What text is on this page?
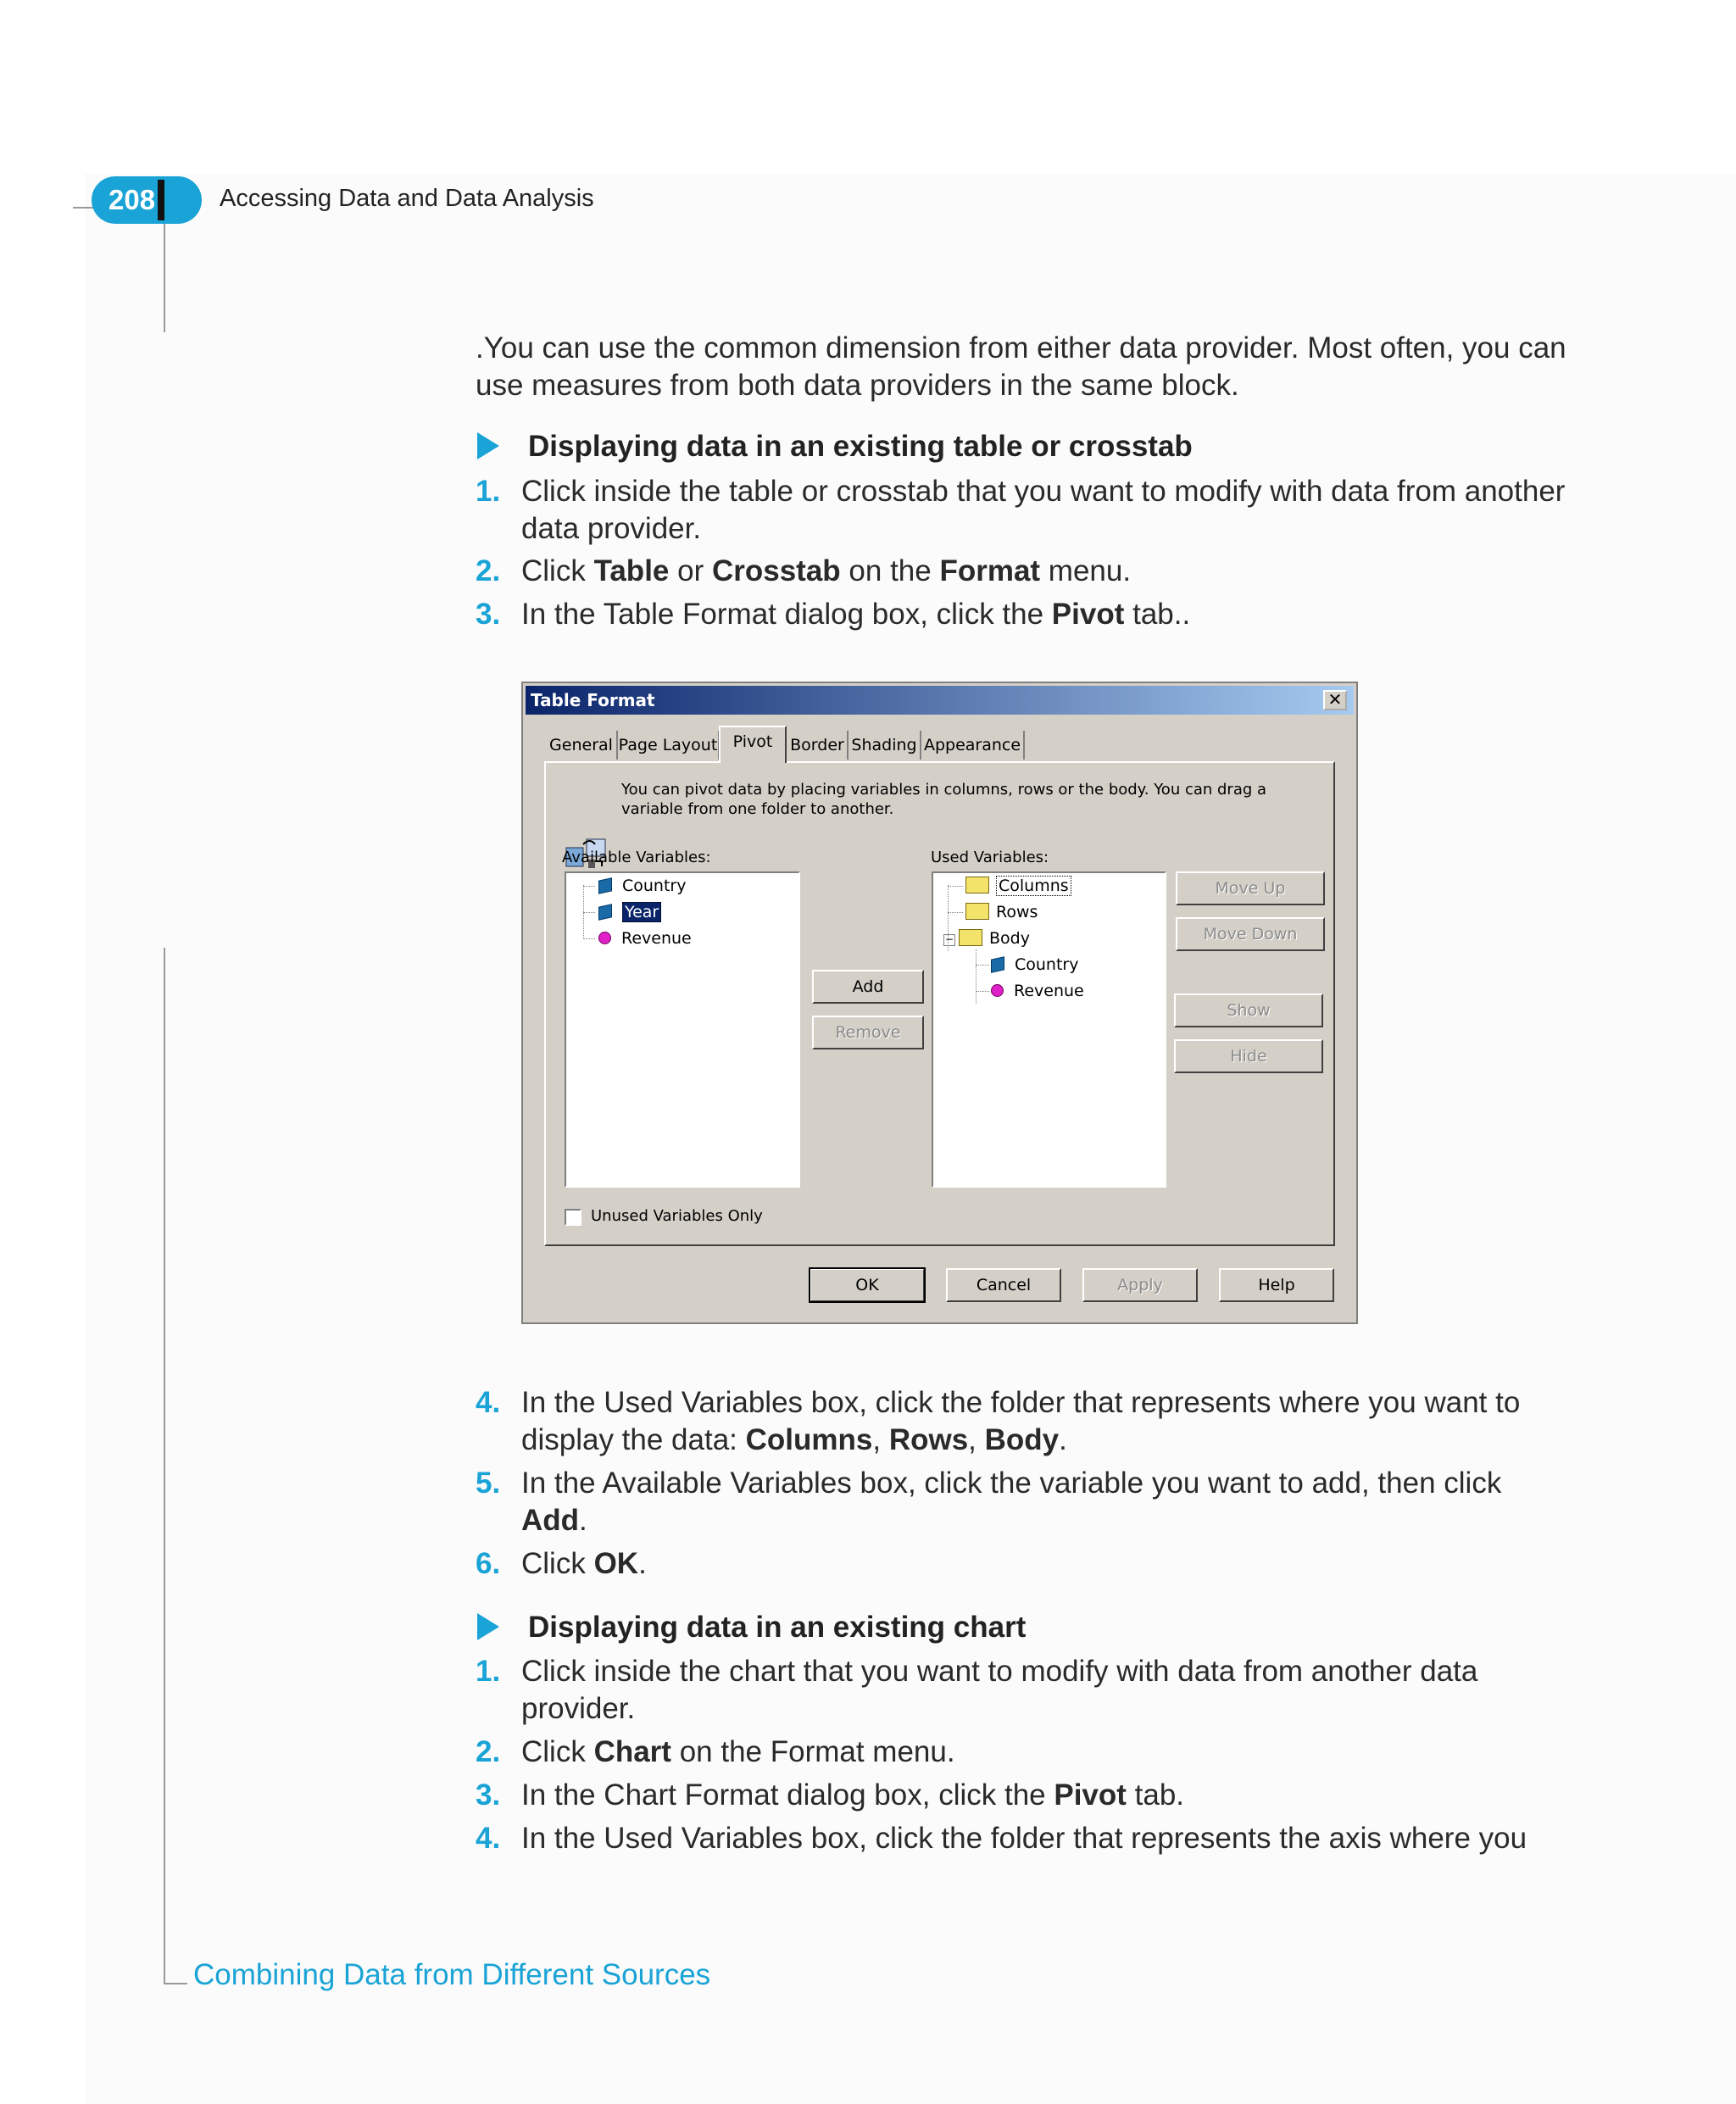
208	Accessing Data and Data Analysis
Combining Data from Different Sources
.You can use the common dimension from either data provider. Most often, you can use measures from both data providers in the same block.
Displaying data in an existing table or crosstab
1. Click inside the table or crosstab that you want to modify with data from another data provider.
2. Click Table or Crosstab on the Format menu.
3. In the Table Format dialog box, click the Pivot tab..
Table Format	✕
General Page Layout Pivot	Border Shading Appearance
You can pivot data by placing variables in columns, rows or the body. You can drag a variable from one folder to another.
Available Variables:
Country
Year
Revenue
Add
Remove
Used Variables:
Columns
Rows
− Body
Country
Revenue
Move Up
Move Down
Show
Hide
Unused Variables Only
OK	Cancel	Apply	Help
4. In the Used Variables box, click the folder that represents where you want to display the data: Columns, Rows, Body.
5. In the Available Variables box, click the variable you want to add, then click Add.
6. Click OK.
Displaying data in an existing chart
1. Click inside the chart that you want to modify with data from another data provider.
2. Click Chart on the Format menu.
3. In the Chart Format dialog box, click the Pivot tab.
4. In the Used Variables box, click the folder that represents the axis where you
